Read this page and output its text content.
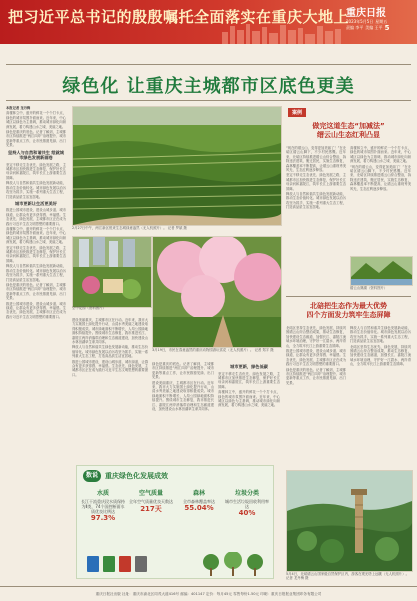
把习近平总书记的殷殷嘱托全面落实在重庆大地上
重庆日报
2023年5月5日 星期五
责编 李平 美编 王平 5
绿色化 让重庆主城都市区底色更美
本报记者 龙丹梅

高楼林立中，盛开的鲜花一个个打卡点，绿色的城市氛围扑面而来。近年来，中心城区以绿色为主基调，推动城市绿化向纵深发展，着力构建山水之城、美丽之地。

绿色是重庆的底色。记者了解到，主城都市区持续推进“两江四岸”治理提升、城市更新等重点工作，让市民推窗见绿、出门见景。

坚持人与自然和谐共生 绘就城市绿色发展新画卷

坚定不移走生态优先、绿色发展之路，主城都市区加快推进生态修复，保护好长江母亲河和嘉陵江，筑牢长江上游重要生态屏障。

释放人与自然和谐共生绿色发展新动能，推动生态价值转化。城市绿色发展以治污攻坚为抓手，实施一系列重大生态工程，打造高品质生活宜居地。

城市更新让生活更美好

推进公园城市建设，建设山城步道、城市绿道，让群众有更多获得感、幸福感。生态优先、绿色发展，主城都市区正在成为践行习近平生态文明思想的重要窗口。

高楼林立中，盛开的鲜花一个个打卡点，绿色的城市氛围扑面而来。近年来，中心城区以绿色为主基调，推动城市绿化向纵深发展，着力构建山水之城、美丽之地。

坚定不移走生态优先、绿色发展之路，主城都市区加快推进生态修复，保护好长江母亲河和嘉陵江，筑牢长江上游重要生态屏障。

释放人与自然和谐共生绿色发展新动能，推动生态价值转化。城市绿色发展以治污攻坚为抓手，实施一系列重大生态工程，打造高品质生活宜居地。

绿色是重庆的底色。记者了解到，主城都市区持续推进“两江四岸”治理提升、城市更新等重点工作，让市民推窗见绿、出门见景。

推进公园城市建设，建设山城步道、城市绿道，让群众有更多获得感、幸福感。生态优先、绿色发展，主城都市区正在成为践行习近平生态文明思想的重要窗口。

2月27日中午，两江新区悦来生态城绿意盎然（无人机照片）。 记者 罗斌 摄
空中花园（资料图片）
3月19日，市民在春意盎然的重庆动物园游玩赏花（无人机照片）。 记者 郑宇 摄

建设美丽重庆，主城都市区在行动。近年来，我市大力实施国土绿化提升行动，山清水秀美丽之地建设取得积极成效。城市绿地面积不断增长，人均公园绿地面积持续提升。围绕城市生态修复，我市推进长江、嘉陵江两岸消落带治理和生态廊道建设，加快建设山水林田湖草生命共同体。

释放人与自然和谐共生绿色发展新动能，推动生态价值转化。城市绿色发展以治污攻坚为抓手，实施一系列重大生态工程，打造高品质生活宜居地。

推进公园城市建设，建设山城步道、城市绿道，让群众有更多获得感、幸福感。生态优先、绿色发展，主城都市区正在成为践行习近平生态文明思想的重要窗口。

绿色是重庆的底色。记者了解到，主城都市区持续推进“两江四岸”治理提升、城市更新等重点工作，让市民推窗见绿、出门见景。

建设美丽重庆，主城都市区在行动。近年来，我市大力实施国土绿化提升行动，山清水秀美丽之地建设取得积极成效。城市绿地面积不断增长，人均公园绿地面积持续提升。围绕城市生态修复，我市推进长江、嘉陵江两岸消落带治理和生态廊道建设，加快建设山水林田湖草生命共同体。

城市更新，绿色低碳

坚定不移走生态优先、绿色发展之路，主城都市区加快推进生态修复，保护好长江母亲河和嘉陵江，筑牢长江上游重要生态屏障。

高楼林立中，盛开的鲜花一个个打卡点，绿色的城市氛围扑面而来。近年来，中心城区以绿色为主基调，推动城市绿化向纵深发展，着力构建山水之城、美丽之地。

数说	重庆绿色化发展成效
水质
长江干流重庆段水质保持为Ⅱ类，74个国控断面水质优良比例达
97.3%
空气质量
全年空气质量优良天数达
217天
森林
全市森林覆盖率达
55.04%
垃圾分类
城市生活垃圾回收利用率达
40%
案例
做完这道生态“加减法”
缙云山生态红利凸显

“现在的缙云山，变得更加美丽了！”在北碚区缙云山脚下，不少村民感慨。近年来，北碚区持续推进缙云山综合整治，拆除违法建筑，搬迁居民，实施生态修复，森林覆盖率不断提高，让缙云山重现秀美风光，生态红利逐步释放。

坚定不移走生态优先、绿色发展之路，主城都市区加快推进生态修复，保护好长江母亲河和嘉陵江，筑牢长江上游重要生态屏障。

释放人与自然和谐共生绿色发展新动能，推动生态价值转化。城市绿色发展以治污攻坚为抓手，实施一系列重大生态工程，打造高品质生活宜居地。

高楼林立中，盛开的鲜花一个个打卡点，绿色的城市氛围扑面而来。近年来，中心城区以绿色为主基调，推动城市绿化向纵深发展，着力构建山水之城、美丽之地。

“现在的缙云山，变得更加美丽了！”在北碚区缙云山脚下，不少村民感慨。近年来，北碚区持续推进缙云山综合整治，拆除违法建筑，搬迁居民，实施生态修复，森林覆盖率不断提高，让缙云山重现秀美风光，生态红利逐步释放。

缙云山黛湖（资料图片）
北碚把生态作为最大优势
四个方面发力筑牢生态屏障

北碚区坚持生态优先、绿色发展，持续巩固缙云山综合整治成果，推动生态修复，加快建设生态廊道，加强长江、嘉陵江流域水环境治理，守护好一江碧水、两岸青山，全力筑牢长江上游重要生态屏障。

推进公园城市建设，建设山城步道、城市绿道，让群众有更多获得感、幸福感。生态优先、绿色发展，主城都市区正在成为践行习近平生态文明思想的重要窗口。

绿色是重庆的底色。记者了解到，主城都市区持续推进“两江四岸”治理提升、城市更新等重点工作，让市民推窗见绿、出门见景。

释放人与自然和谐共生绿色发展新动能，推动生态价值转化。城市绿色发展以治污攻坚为抓手，实施一系列重大生态工程，打造高品质生活宜居地。

北碚区坚持生态优先、绿色发展，持续巩固缙云山综合整治成果，推动生态修复，加快建设生态廊道，加强长江、嘉陵江流域水环境治理，守护好一江碧水、两岸青山，全力筑牢长江上游重要生态屏障。

5月4日，北碚缙云山国家级自然保护区内，游客在观光塔上远眺（无人机照片）。 记者 龙丹梅 摄
重庆日报社出版 社址：重庆市渝北区同茂大道416号 邮编：401147 定价：每月45元 零售每份1.50元 印刷：重庆日报报业集团印务有限公司
